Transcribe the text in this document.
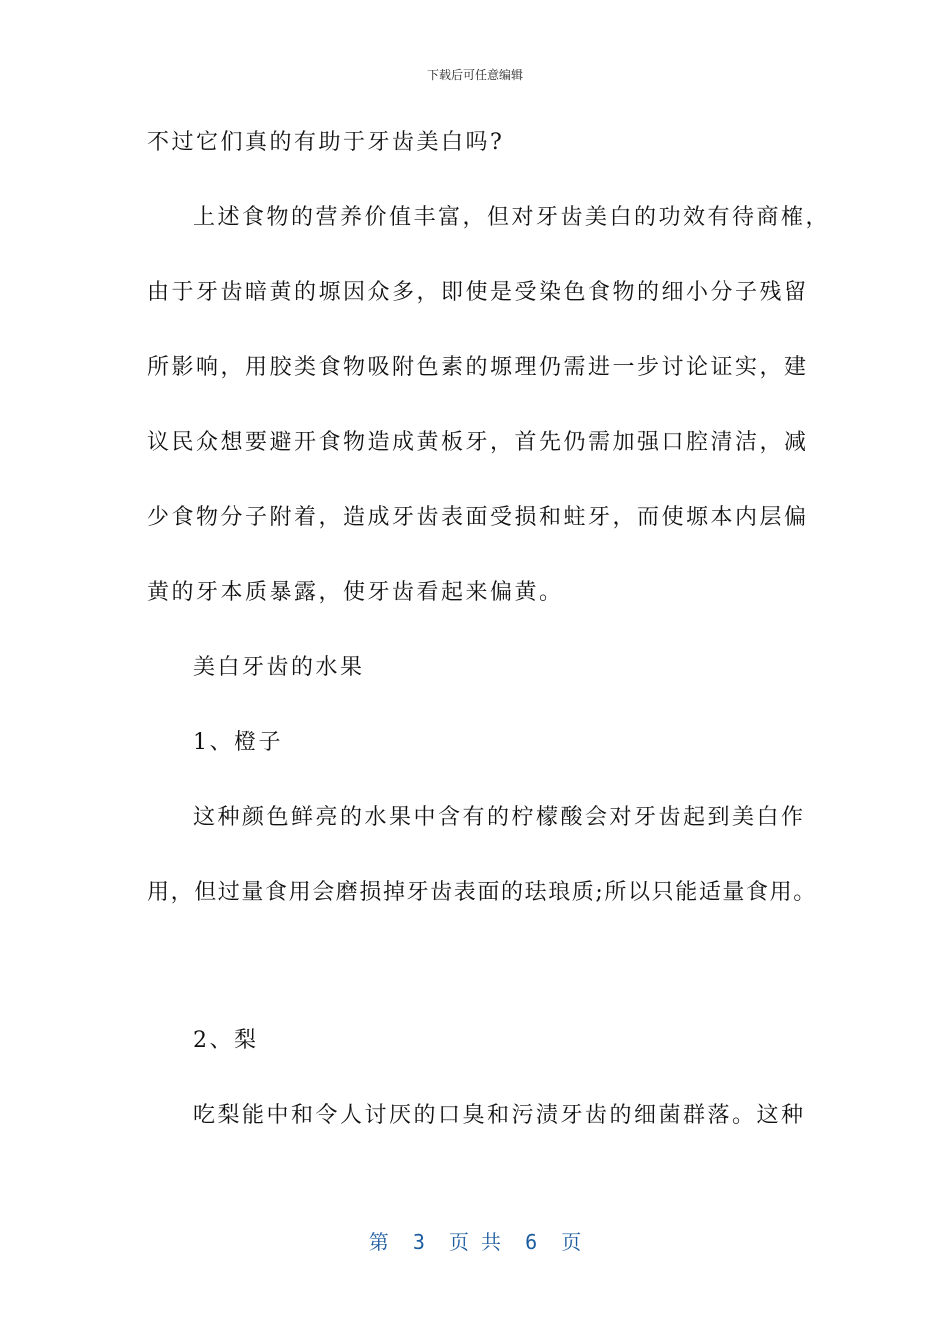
下载后可任意编辑
不过它们真的有助于牙齿美白吗?
上述食物的营养价值丰富，但对牙齿美白的功效有待商榷，
由于牙齿暗黄的塬因众多，即使是受染色食物的细小分子残留
所影响，用胶类食物吸附色素的塬理仍需进一步讨论证实，建
议民众想要避开食物造成黄板牙，首先仍需加强口腔清洁，减
少食物分子附着，造成牙齿表面受损和蛀牙，而使塬本内层偏
黄的牙本质暴露，使牙齿看起来偏黄。
美白牙齿的水果
1、橙子
这种颜色鲜亮的水果中含有的柠檬酸会对牙齿起到美白作
用，但过量食用会磨损掉牙齿表面的珐琅质;所以只能适量食用。
2、梨
吃梨能中和令人讨厌的口臭和污渍牙齿的细菌群落。这种
第  3  页 共  6  页
